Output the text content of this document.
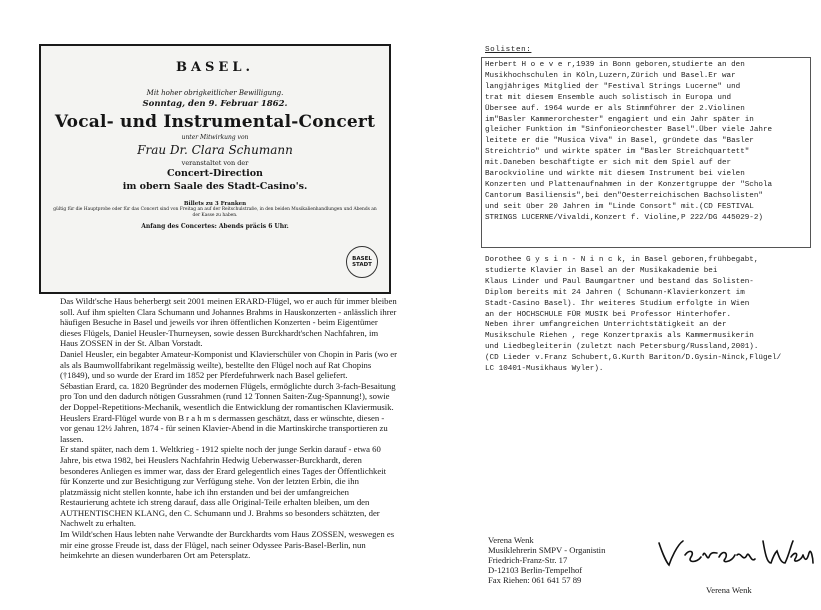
BASEL.
Mit hoher obrigkeitlicher Bewilligung.
Sonntag, den 9. Februar 1862.
Vocal- und Instrumental-Concert
unter Mitwirkung von
Frau Dr. Clara Schumann
veranstaltet von der
Concert-Direction
im obern Saale des Stadt-Casino's.
Billets zu 3 Franken
gültig für die Hauptprobe oder für das Concert sind von Freitag an auf der Reitschulstraße, in den beiden Musikalienhandlungen und Abends an der Kasse zu haben.
Anfang des Concertes: Abends präcis 6 Uhr.
BASEL STADT

Das Wildt'sche Haus beherbergt seit 2001 meinen ERARD-Flügel, wo er auch für immer bleiben soll. Auf ihm spielten Clara Schumann und Johannes Brahms in Hauskonzerten - anlässlich ihrer häufigen Besuche in Basel und jeweils vor ihren öffentlichen Konzerten - beim Eigentümer dieses Flügels, Daniel Heusler-Thurneysen, sowie dessen Burckhardt'schen Nachfahren, im Haus ZOSSEN in der St. Alban Vorstadt.

Daniel Heusler, ein begabter Amateur-Komponist und Klavierschüler von Chopin in Paris (wo er als als Baumwollfabrikant regelmässig weilte), bestellte den Flügel noch auf Rat Chopins (†1849), und so wurde der Erard im 1852 per Pferdefuhrwerk nach Basel geliefert.

Sébastian Erard, ca. 1820 Begründer des modernen Flügels, ermöglichte durch 3-fach-Besaitung pro Ton und den dadurch nötigen Gussrahmen (rund 12 Tonnen Saiten-Zug-Spannung!), sowie der Doppel-Repetitions-Mechanik, wesentlich die Entwicklung der romantischen Klaviermusik. Heuslers Erard-Flügel wurde von B r a h m s dermassen geschätzt, dass er wünschte, diesen - vor genau 12½ Jahren, 1874 - für seinen Klavier-Abend in die Martinskirche transportieren zu lassen.

Er stand später, nach dem 1. Weltkrieg - 1912 spielte noch der junge Serkin darauf - etwa 60 Jahre, bis etwa 1982, bei Heuslers Nachfahrin Hedwig Ueberwasser-Burckhardt, deren besonderes Anliegen es immer war, dass der Erard gelegentlich eines Tages der Öffentlichkeit für Konzerte und zur Besichtigung zur Verfügung stehe. Von der letzten Erbin, die ihn platzmässig nicht stellen konnte, habe ich ihn erstanden und bei der umfangreichen Restaurierung achtete ich streng darauf, dass alle Original-Teile erhalten bleiben, um den AUTHENTISCHEN KLANG, den C. Schumann und J. Brahms so besonders schätzten, der Nachwelt zu erhalten.

Im Wildt'schen Haus lebten nahe Verwandte der Burckhardts vom Haus ZOSSEN, weswegen es mir eine grosse Freude ist, dass der Flügel, nach seiner Odyssee Paris-Basel-Berlin, nun heimkehrte an diesen wunderbaren Ort am Petersplatz.

Solisten:

Herbert H o e v e r,1939 in Bonn geboren,studierte an den

Musikhochschulen in Köln,Luzern,Zürich und Basel.Er war

langjähriges Mitglied der "Festival Strings Lucerne" und

trat mit diesem Ensemble auch solistisch in Europa und

Übersee auf. 1964 wurde er als Stimmführer der 2.Violinen

im"Basler Kammerorchester" engagiert und ein Jahr später in

gleicher Funktion im "Sinfonieorchester Basel".Über viele Jahre

leitete er die "Musica Viva" in Basel, gründete das "Basler

Streichtrio" und wirkte später im "Basler Streichquartett"

mit.Daneben beschäftigte er sich mit dem Spiel auf der

Barockvioline und wirkte mit diesem Instrument bei vielen

Konzerten und Plattenaufnahmen in der Konzertgruppe der "Schola

Cantorum Basiliensis",bei den"Oesterreichischen Bachsolisten"

und seit über 20 Jahren im "Linde Consort" mit.(CD FESTIVAL

STRINGS LUCERNE/Vivaldi,Konzert f. Violine,P 222/DG 445029-2)

Dorothee G y s i n - N i n c k, in Basel geboren,frühbegabt,

studierte Klavier in Basel an der Musikakademie bei

Klaus Linder und Paul Baumgartner und bestand das Solisten-

Diplom bereits mit 24 Jahren ( Schumann-Klavierkonzert im

Stadt-Casino Basel). Ihr weiteres Studium erfolgte in Wien

an der HOCHSCHULE FÜR MUSIK bei Professor Hinterhofer.

Neben ihrer umfangreichen Unterrichtstätigkeit an der

Musikschule Riehen , rege Konzertpraxis als Kammermusikerin

und Liedbegleiterin (zuletzt nach Petersburg/Russland,2001).

(CD Lieder v.Franz Schubert,G.Kurth Bariton/D.Gysin-Ninck,Flügel/

LC 10401-Musikhaus Wyler).

Verena Wenk
Musiklehrerin SMPV - Organistin
Friedrich-Franz-Str. 17
D-12103 Berlin-Tempelhof
Fax Riehen: 061 641 57 89
Verena Wenk
